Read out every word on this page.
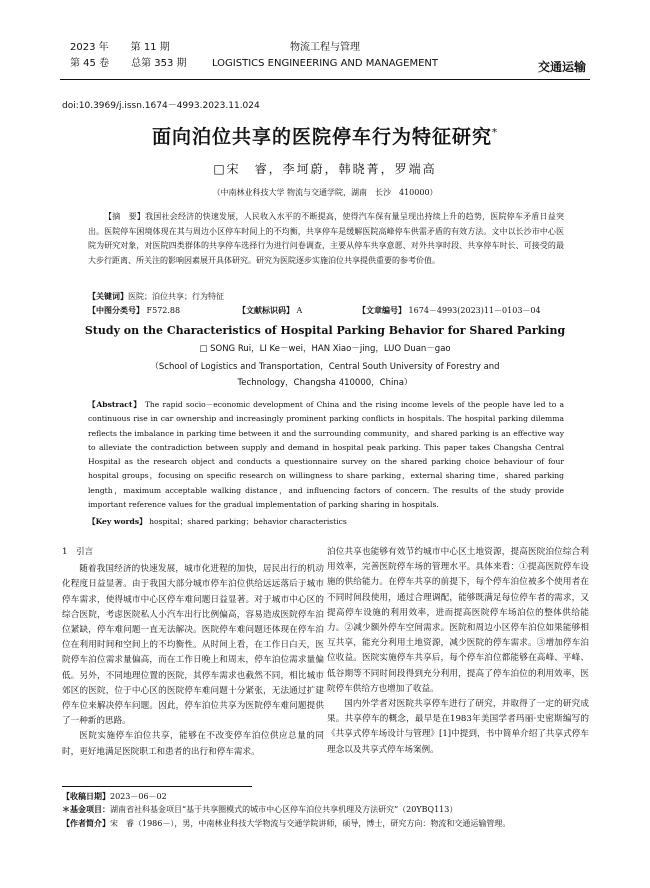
2023 年 第 11 期
第 45 卷 总第 353 期
物流工程与管理
LOGISTICS ENGINEERING AND MANAGEMENT	交通运输
doi:10.3969/j.issn.1674－4993.2023.11.024
面向泊位共享的医院停车行为特征研究*
□宋　睿，李坷蔚，韩晓菁，罗端高
（中南林业科技大学 物流与交通学院，湖南　长沙　410000）
【摘　要】我国社会经济的快速发展，人民收入水平的不断提高，使得汽车保有量呈现出持续上升的趋势，医院停车矛盾日益突出。医院停车困境体现在其与周边小区停车时间上的不均衡，共享停车是缓解医院高峰停车供需矛盾的有效方法。文中以长沙市中心医院为研究对象，对医院四类群体的共享停车选择行为进行问卷调查，主要从停车共享意愿、对外共享时段、共享停车时长、可接受的最大步行距离、所关注的影响因素展开具体研究。研究为医院逐步实施泊位共享提供重要的参考价值。
【关键词】医院；泊位共享；行为特征
【中图分类号】 F572.88	【文献标识码】 A	【文章编号】 1674－4993(2023)11－0103－04
Study on the Characteristics of Hospital Parking Behavior for Shared Parking
□ SONG Rui，LI Ke－wei，HAN Xiao－jing，LUO Duan－gao
（School of Logistics and Transportation，Central South University of Forestry and
Technology，Changsha 410000，China）
【Abstract】 The rapid socio－economic development of China and the rising income levels of the people have led to a continuous rise in car ownership and increasingly prominent parking conflicts in hospitals. The hospital parking dilemma reflects the imbalance in parking time between it and the surrounding community，and shared parking is an effective way to alleviate the contradiction between supply and demand in hospital peak parking. This paper takes Changsha Central Hospital as the research object and conducts a questionnaire survey on the shared parking choice behaviour of four hospital groups，focusing on specific research on willingness to share parking，external sharing time，shared parking length，maximum acceptable walking distance，and influencing factors of concern. The results of the study provide important reference values for the gradual implementation of parking sharing in hospitals.
【Key words】 hospital；shared parking；behavior characteristics
1　引言

随着我国经济的快速发展，城市化进程的加快，居民出行的机动化程度日益显著。由于我国大部分城市停车泊位供给远远落后于城市停车需求，使得城市中心区停车难问题日益显著。对于城市中心区的综合医院，考虑医院私人小汽车出行比例偏高，容易造成医院停车泊位紧缺，停车难问题一直无法解决。医院停车难问题还体现在停车泊位在利用时间和空间上的不均衡性。从时间上看，在工作日白天，医院停车泊位需求量偏高，而在工作日晚上和周末，停车泊位需求量偏低。另外，不同地理位置的医院，其停车需求也截然不同，相比城市郊区的医院，位于中心区的医院停车难问题十分紧张，无法通过扩建停车位来解决停车问题。因此，停车泊位共享为医院停车难问题提供了一种新的思路。

医院实施停车泊位共享，能够在不改变停车泊位供应总量的同时，更好地满足医院职工和患者的出行和停车需求。

泊位共享也能够有效节约城市中心区土地资源，提高医院泊位综合利用效率，完善医院停车场的管理水平。具体来看：①提高医院停车设施的供给能力。在停车共享的前提下，每个停车泊位被多个使用者在不同时间段使用，通过合理调配，能够既满足每位停车者的需求，又提高停车设施的利用效率，进而提高医院停车场泊位的整体供给能力。②减少额外停车空间需求。医院和周边小区停车泊位如果能够相互共享，能充分利用土地资源，减少医院的停车需求。③增加停车泊位收益。医院实施停车共享后，每个停车泊位都能够在高峰、平峰、低谷期等不同时间段得到充分利用，提高了停车泊位的利用效率，医院停车供给方也增加了收益。

国内外学者对医院共享停车进行了研究，并取得了一定的研究成果。共享停车的概念，最早是在1983年美国学者玛丽·史密斯编写的《共享式停车场设计与管理》[1]中提到，书中简单介绍了共享式停车理念以及共享式停车场案例。

【收稿日期】2023－06－02
＊基金项目：湖南省社科基金项目“基于共享圈模式的城市中心区停车泊位共享机理及方法研究”（20YBQ113）
【作者简介】宋　睿（1986－），男，中南林业科技大学物流与交通学院讲师，硕导，博士，研究方向：物流和交通运输管理。
